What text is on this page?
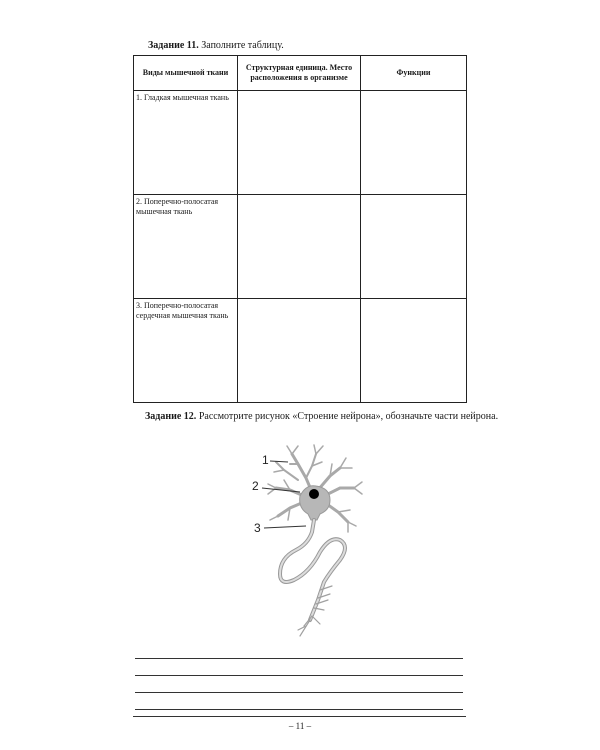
Задание 11. Заполните таблицу.
Виды мышечной ткани	Структурная единица. Место расположения в организме	Функции
1. Гладкая мышечная ткань		
2. Поперечно-полосатая мышечная ткань		
3. Поперечно-полосатая сердечная мышечная ткань		
Задание 12. Рассмотрите рисунок «Строение нейрона», обозначьте части нейрона.
1
2
3
– 11 –
